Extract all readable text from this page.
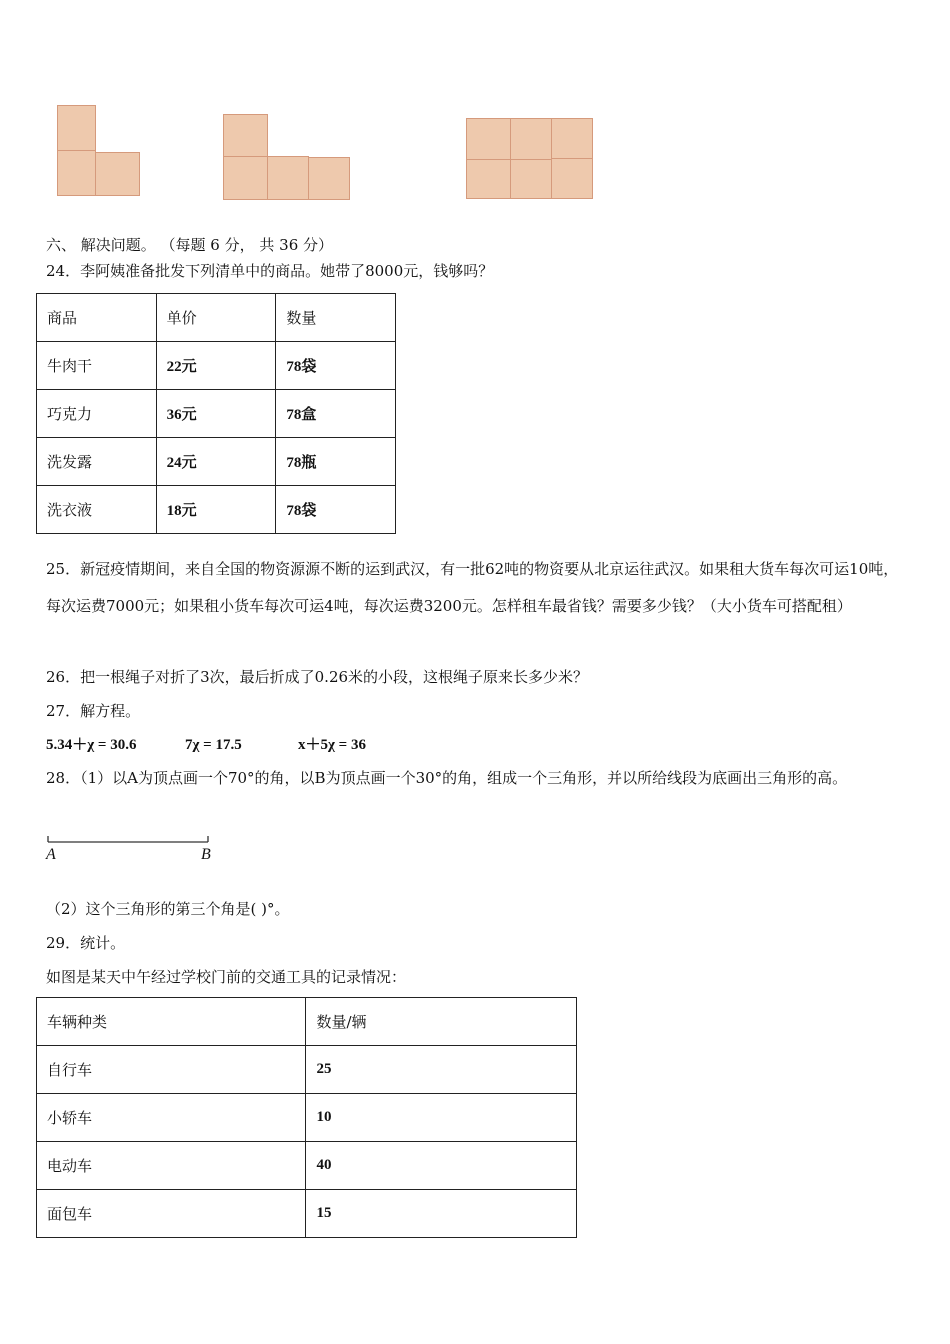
六、 解决问题。 （每题 6 分， 共 36 分）
24．李阿姨准备批发下列清单中的商品。她带了8000元，钱够吗？
商品	单价	数量
牛肉干	22元	78袋
巧克力	36元	78盒
洗发露	24元	78瓶
洗衣液	18元	78袋
25．新冠疫情期间，来自全国的物资源源不断的运到武汉，有一批62吨的物资要从北京运往武汉。如果租大货车每次可运10吨，每次运费7000元；如果租小货车每次可运4吨，每次运费3200元。怎样租车最省钱？需要多少钱？（大小货车可搭配租）
26．把一根绳子对折了3次，最后折成了0.26米的小段，这根绳子原来长多少米？
27．解方程。
5.34＋χ = 30.6	7χ = 17.5	x＋5χ = 36
28．（1）以A为顶点画一个70°的角，以B为顶点画一个30°的角，组成一个三角形，并以所给线段为底画出三角形的高。
A	B
（2）这个三角形的第三个角是( )°。
29．统计。
如图是某天中午经过学校门前的交通工具的记录情况：
车辆种类	数量/辆
自行车	25
小轿车	10
电动车	40
面包车	15
